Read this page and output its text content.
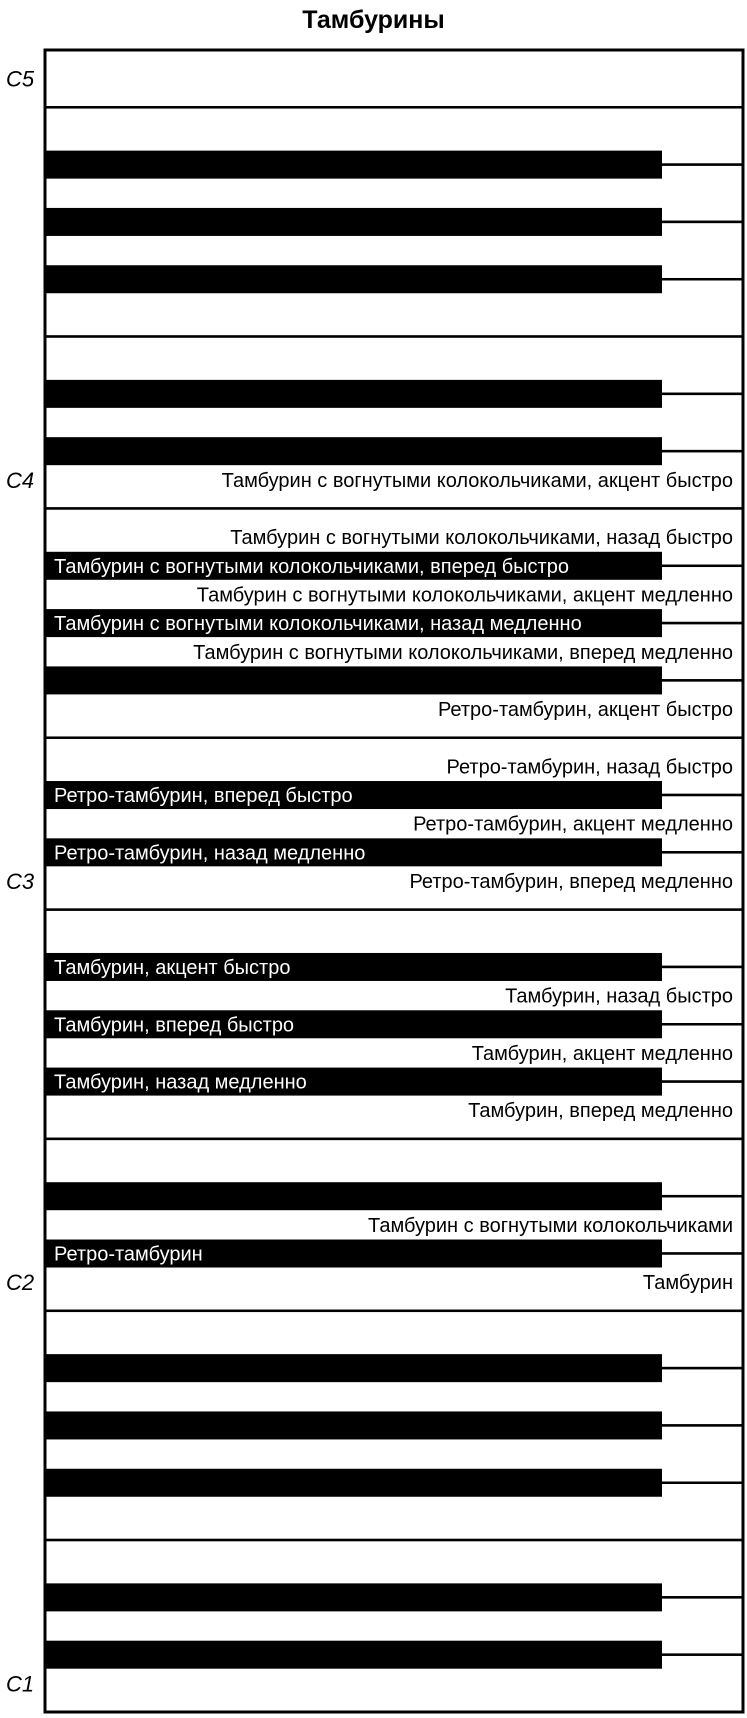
Тамбурины
Тамбурин с вогнутыми колокольчиками, акцент быстро
Тамбурин с вогнутыми колокольчиками, назад быстро
Тамбурин с вогнутыми колокольчиками, акцент медленно
Тамбурин с вогнутыми колокольчиками, вперед медленно
Ретро-тамбурин, акцент быстро
Ретро-тамбурин, назад быстро
Ретро-тамбурин, акцент медленно
Ретро-тамбурин, вперед медленно
Тамбурин, назад быстро
Тамбурин, акцент медленно
Тамбурин, вперед медленно
Тамбурин с вогнутыми колокольчиками
Тамбурин
Тамбурин с вогнутыми колокольчиками, вперед быстро
Тамбурин с вогнутыми колокольчиками, назад медленно
Ретро-тамбурин, вперед быстро
Ретро-тамбурин, назад медленно
Тамбурин, акцент быстро
Тамбурин, вперед быстро
Тамбурин, назад медленно
Ретро-тамбурин
C5
C4
C3
C2
C1
